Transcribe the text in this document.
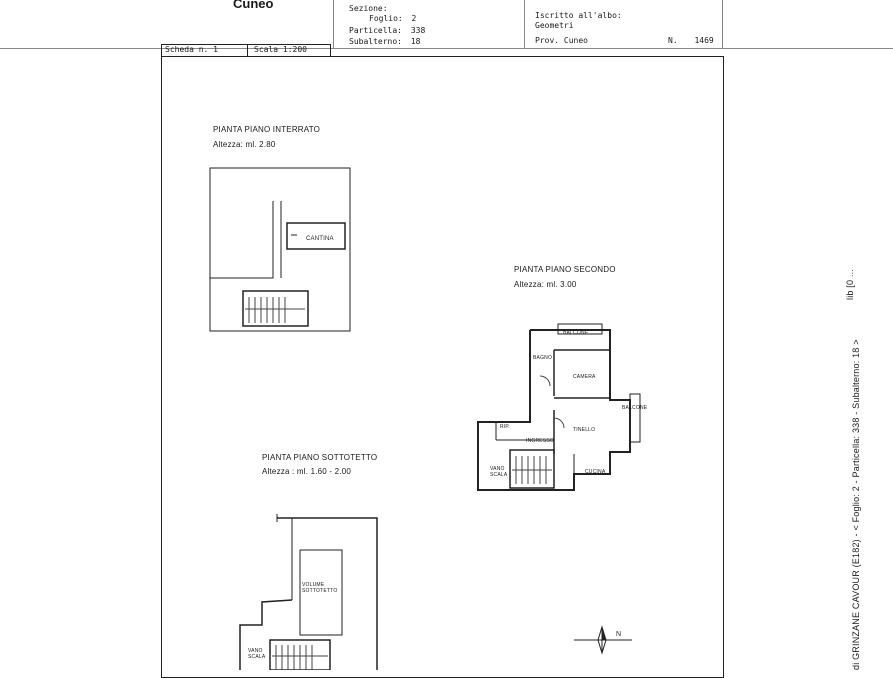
Cuneo	Sezione:
Foglio: 2
Particella: 338
Subalterno: 18
Iscritto all'albo:
Geometri
Prov. Cuneo	N. 1469
Scheda n. 1	Scala 1:200
PIANTA PIANO INTERRATO
Altezza: ml. 2.80
CANTINA
PIANTA PIANO SECONDO
Altezza: ml. 3.00
BALCONE
BAGNO
CAMERA
BALCONE
TINELLO
RIP.
INGRESSO
VANO SCALA	CUCINA
PIANTA PIANO SOTTOTETTO
Altezza : ml. 1.60 - 2.00
VOLUME SOTTOTETTO
VANO SCALA
N	di GRINZANE CAVOUR (E182) - < Foglio: 2 - Particella: 338 - Subalterno: 18 >
lib [0 ...
